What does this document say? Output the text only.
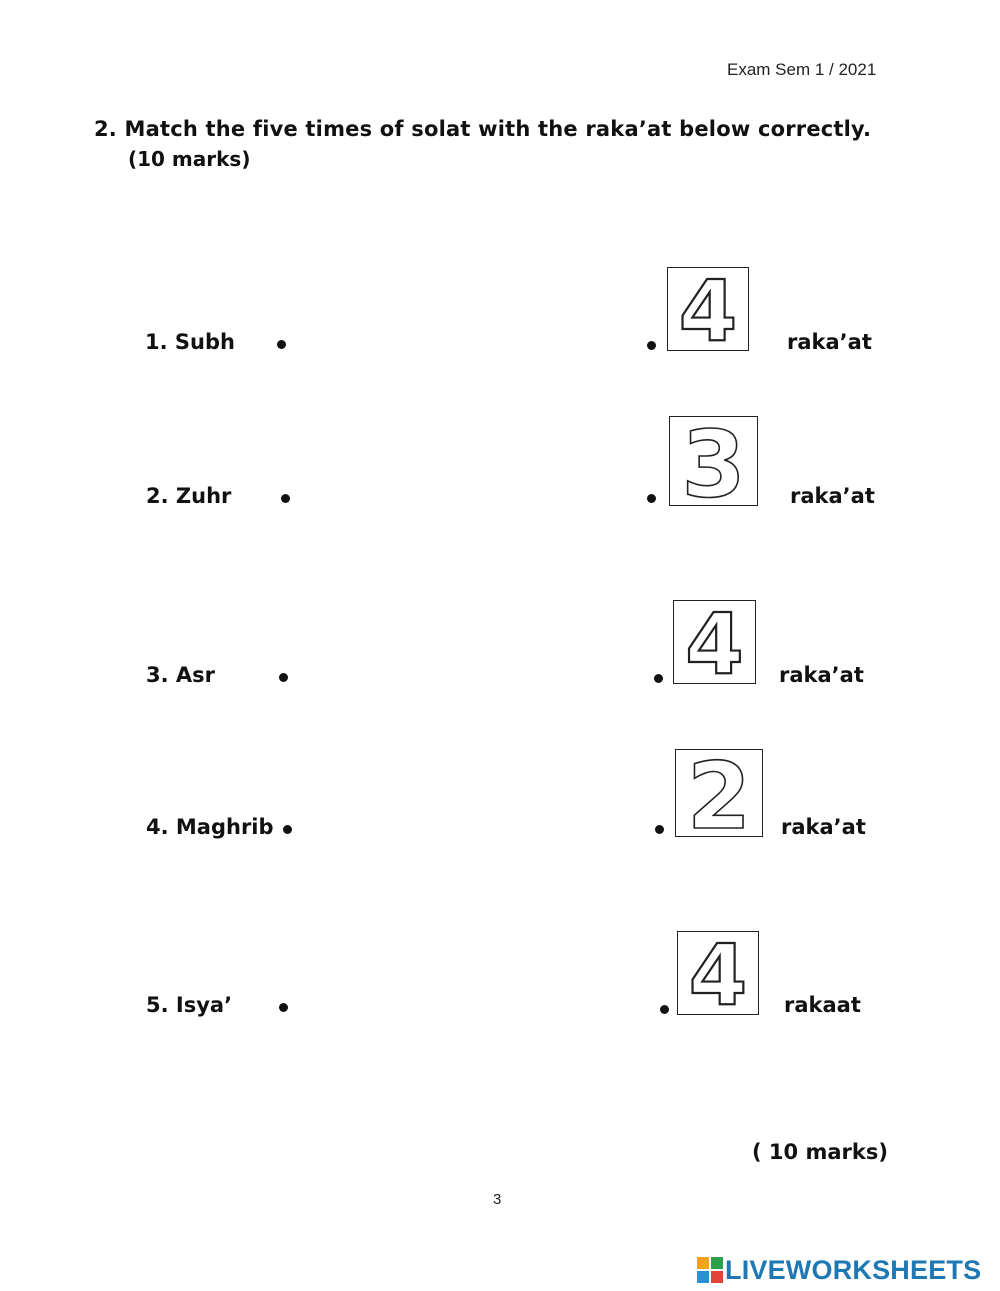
Exam Sem 1 / 2021
2. Match the five times of solat with the raka’at below correctly.
(10 marks)
1. Subh
2. Zuhr
3. Asr
4. Maghrib
5. Isya’
4 raka’at
3 raka’at
4 raka’at
2 raka’at
4 rakaat
( 10 marks)
3
LIVEWORKSHEETS
